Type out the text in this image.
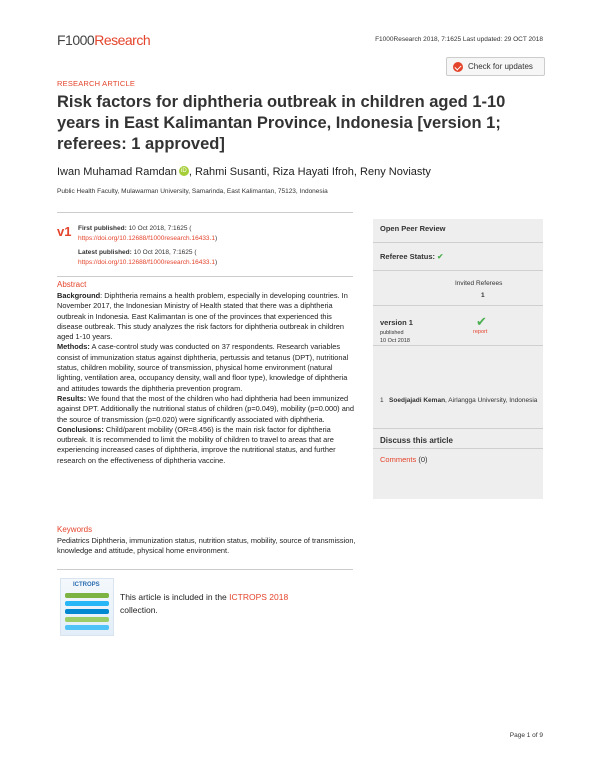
F1000Research	F1000Research 2018, 7:1625 Last updated: 29 OCT 2018
Check for updates
RESEARCH ARTICLE
Risk factors for diphtheria outbreak in children aged 1-10 years in East Kalimantan Province, Indonesia [version 1; referees: 1 approved]
Iwan Muhamad Ramdan iD , Rahmi Susanti, Riza Hayati Ifroh, Reny Noviasty
Public Health Faculty, Mulawarman University, Samarinda, East Kalimantan, 75123, Indonesia
v1 First published: 10 Oct 2018, 7:1625 (
https://doi.org/10.12688/f1000research.16433.1)
Latest published: 10 Oct 2018, 7:1625 (
https://doi.org/10.12688/f1000research.16433.1)
Abstract

Background: Diphtheria remains a health problem, especially in developing countries. In November 2017, the Indonesian Ministry of Health stated that there was a diphtheria outbreak in Indonesia. East Kalimantan is one of the provinces that experienced this disease outbreak. This study analyzes the risk factors for diphtheria outbreak in children aged 1-10 years.

Methods: A case-control study was conducted on 37 respondents. Research variables consist of immunization status against diphtheria, pertussis and tetanus (DPT), nutritional status, children mobility, source of transmission, physical home environment (natural lighting, ventilation area, occupancy density, wall and floor type), knowledge of diphtheria and attitudes towards the diphtheria prevention program.

Results: We found that the most of the children who had diphtheria had been immunized against DPT. Additionally the nutritional status of children (p=0.049), mobility (p=0.000) and the source of transmission (p=0.020) were significantly associated with diphtheria.

Conclusions: Child/parent mobility (OR=8.456) is the main risk factor for diphtheria outbreak. It is recommended to limit the mobility of children to travel to areas that are experiencing increased cases of diphtheria, improve the nutritional status, and further research on the effectiveness of diphtheria vaccine.

Keywords
Pediatrics Diphtheria, immunization status, nutrition status, mobility, source of transmission, knowledge and attitude, physical home environment.
ICTROPS
This article is included in the ICTROPS 2018
collection.
Open Peer Review
Referee Status: ✔
Invited Referees
1
version 1
published
10 Oct 2018
✔
report
1 Soedjajadi Keman, Airlangga University, Indonesia
Discuss this article
Comments (0)
Page 1 of 9
